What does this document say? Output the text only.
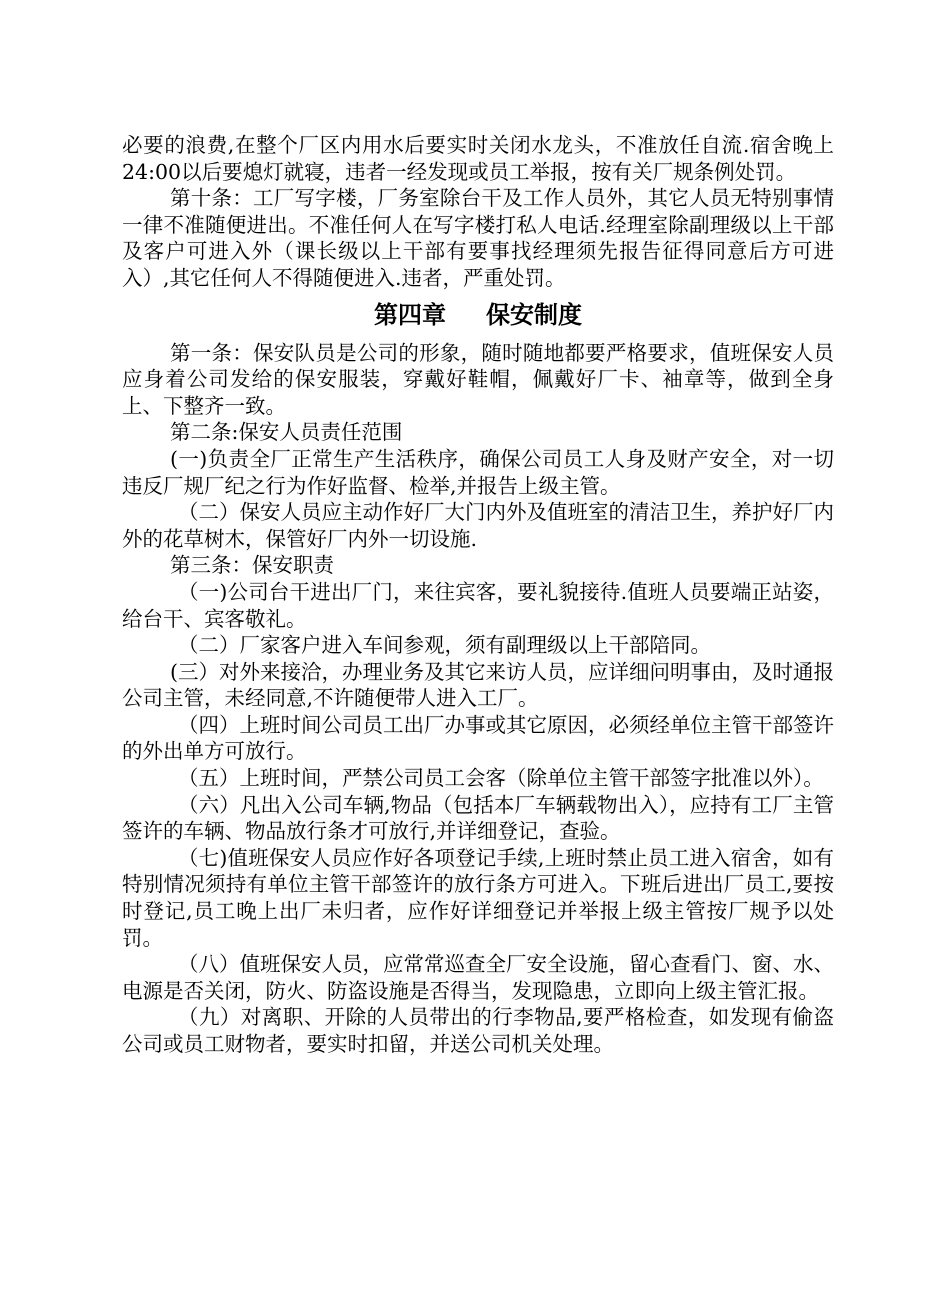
必要的浪费,在整个厂区内用水后要实时关闭水龙头，不准放任自流.宿舍晚上24:00以后要熄灯就寝，违者一经发现或员工举报，按有关厂规条例处罚。

第十条：工厂写字楼，厂务室除台干及工作人员外，其它人员无特别事情一律不准随便进出。不准任何人在写字楼打私人电话.经理室除副理级以上干部及客户可进入外（课长级以上干部有要事找经理须先报告征得同意后方可进入）,其它任何人不得随便进入.违者，严重处罚。

第四章 保安制度

第一条：保安队员是公司的形象，随时随地都要严格要求，值班保安人员应身着公司发给的保安服装，穿戴好鞋帽，佩戴好厂卡、袖章等，做到全身上、下整齐一致。

第二条:保安人员责任范围

(一)负责全厂正常生产生活秩序，确保公司员工人身及财产安全，对一切违反厂规厂纪之行为作好监督、检举,并报告上级主管。

（二）保安人员应主动作好厂大门内外及值班室的清洁卫生，养护好厂内外的花草树木，保管好厂内外一切设施.

第三条：保安职责

（一)公司台干进出厂门，来往宾客，要礼貌接待.值班人员要端正站姿，给台干、宾客敬礼。

（二）厂家客户进入车间参观，须有副理级以上干部陪同。

(三）对外来接洽，办理业务及其它来访人员，应详细问明事由，及时通报公司主管，未经同意,不许随便带人进入工厂。

（四）上班时间公司员工出厂办事或其它原因，必须经单位主管干部签许的外出单方可放行。

（五）上班时间，严禁公司员工会客（除单位主管干部签字批准以外）。

（六）凡出入公司车辆,物品（包括本厂车辆载物出入），应持有工厂主管签许的车辆、物品放行条才可放行,并详细登记，查验。

（七)值班保安人员应作好各项登记手续,上班时禁止员工进入宿舍，如有特别情况须持有单位主管干部签许的放行条方可进入。下班后进出厂员工,要按时登记,员工晚上出厂未归者，应作好详细登记并举报上级主管按厂规予以处罚。

（八）值班保安人员，应常常巡查全厂安全设施，留心查看门、窗、水、电源是否关闭，防火、防盗设施是否得当，发现隐患，立即向上级主管汇报。

（九）对离职、开除的人员带出的行李物品,要严格检查，如发现有偷盗公司或员工财物者，要实时扣留，并送公司机关处理。
